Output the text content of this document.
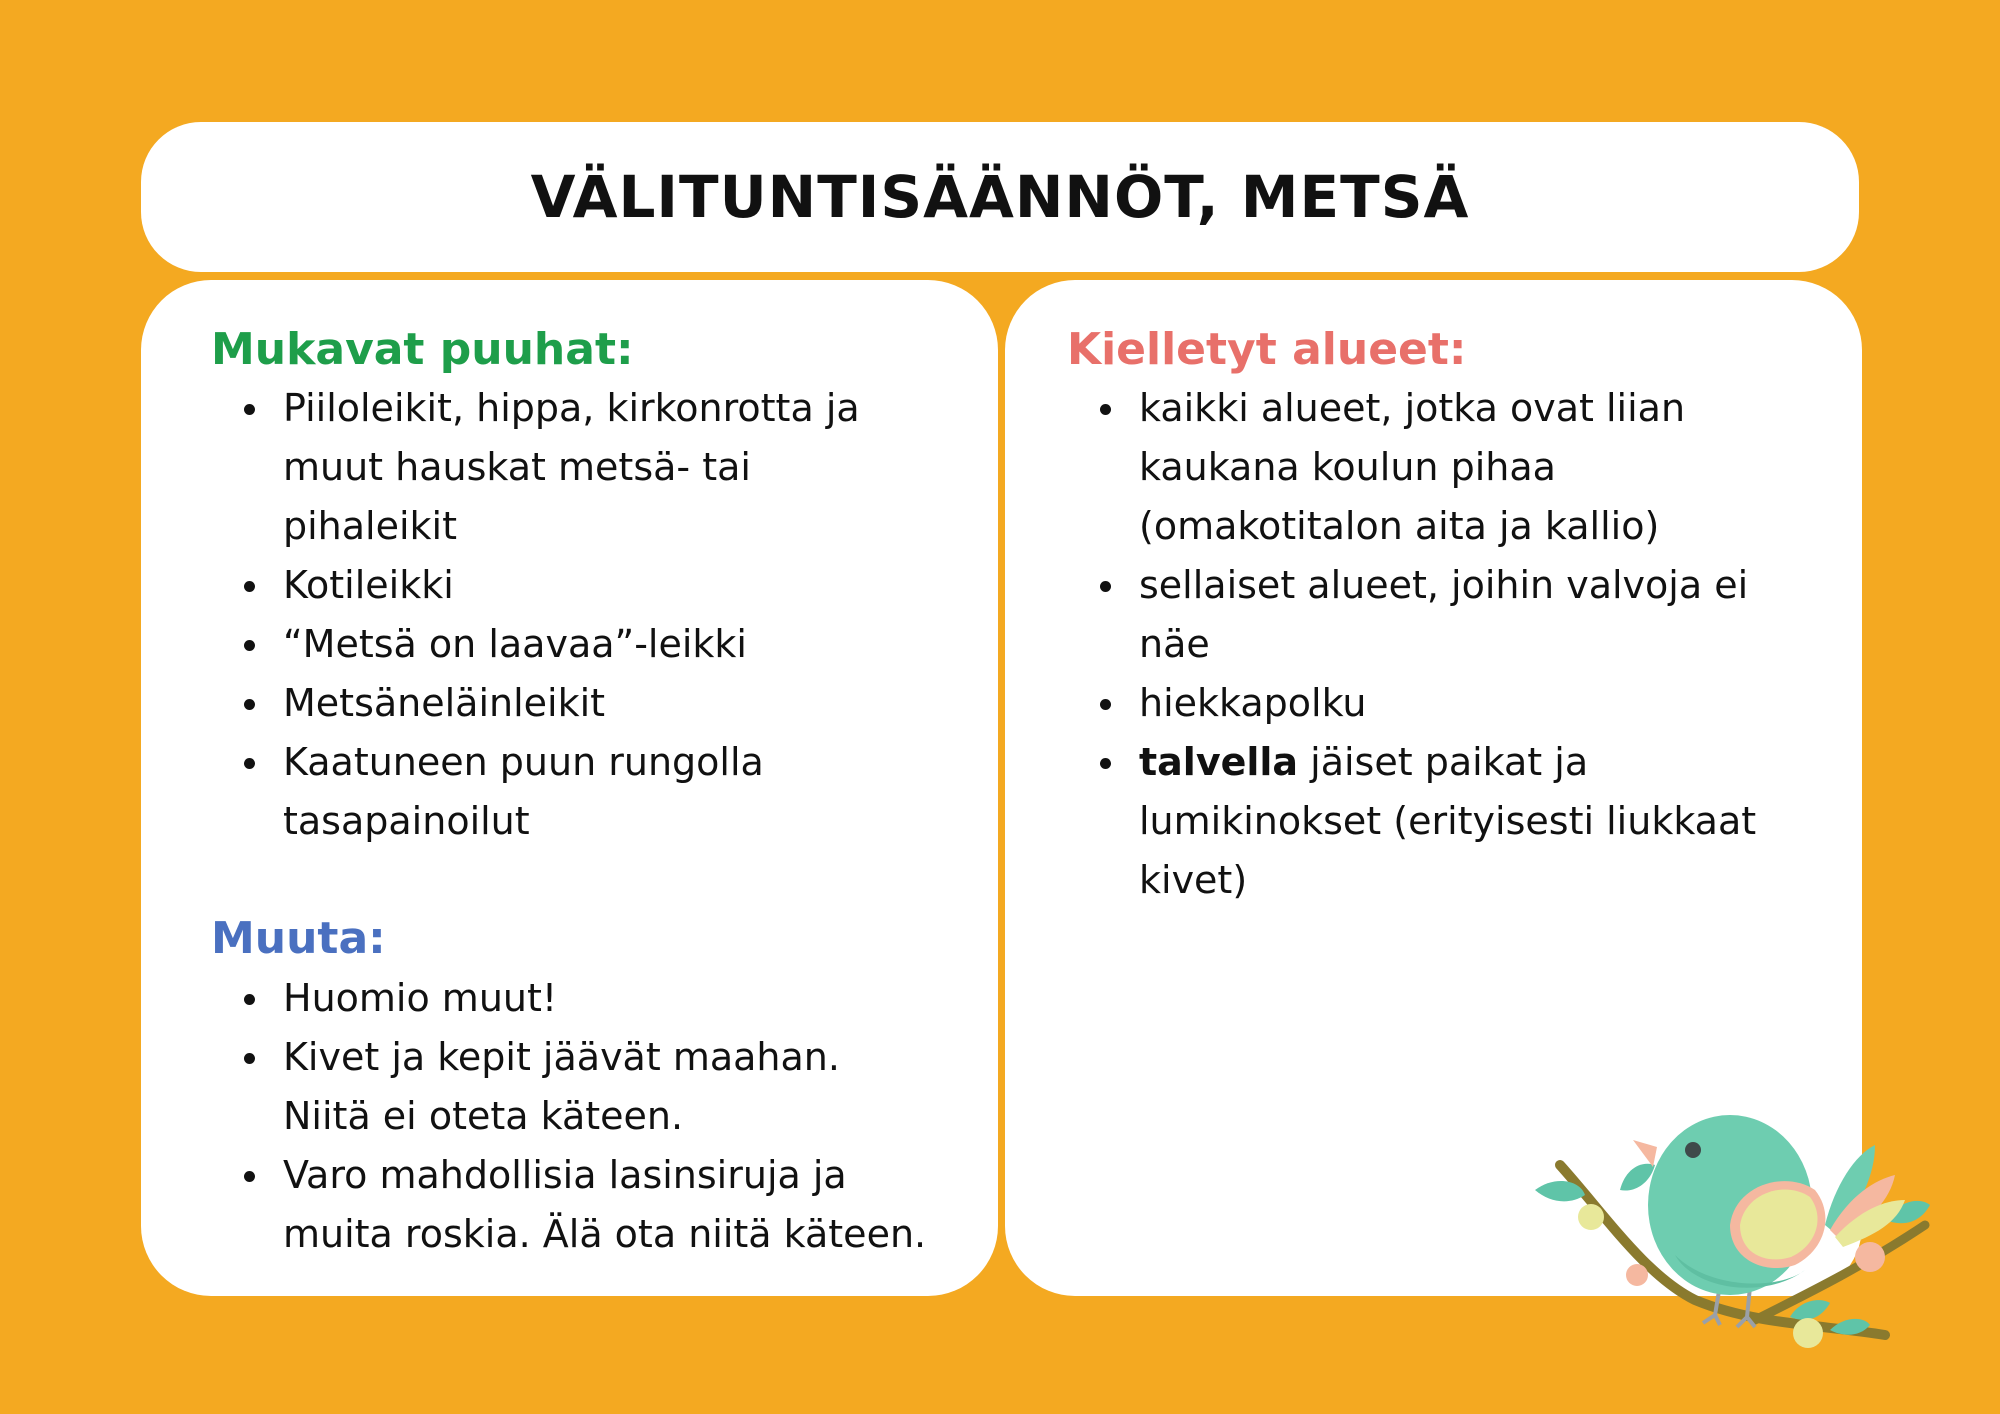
VÄLITUNTISÄÄNNÖT, METSÄ
Mukavat puuhat:
Piiloleikit, hippa, kirkonrotta ja muut hauskat metsä- tai pihaleikit
Kotileikki
“Metsä on laavaa”-leikki
Metsäneläinleikit
Kaatuneen puun rungolla tasapainoilut
Muuta:
Huomio muut!
Kivet ja kepit jäävät maahan. Niitä ei oteta käteen.
Varo mahdollisia lasinsiruja ja muita roskia. Älä ota niitä käteen.
Kielletyt alueet:
kaikki alueet, jotka ovat liian kaukana koulun pihaa (omakotitalon aita ja kallio)
sellaiset alueet, joihin valvoja ei näe
hiekkapolku
talvella jäiset paikat ja lumikinokset (erityisesti liukkaat kivet)
